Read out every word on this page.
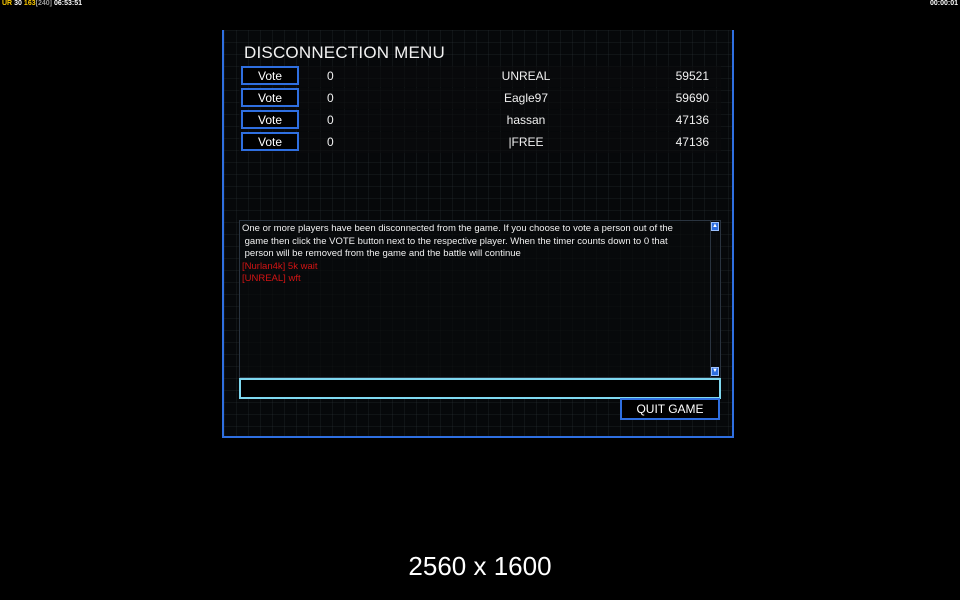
UR 30 163[240] 06:53:51	00:00:01
DISCONNECTION MENU
Vote	0	UNREAL	59521
Vote	0	Eagle97	59690
Vote	0	hassan	47136
Vote	0	|FREE	47136
One or more players have been disconnected from the game. If you choose to vote a person out of the
game then click the VOTE button next to the respective player. When the timer counts down to 0 that
person will be removed from the game and the battle will continue
[Nurlan4k] 5k wait
[UNREAL] wft
▲
▼
QUIT GAME
2560 x 1600
